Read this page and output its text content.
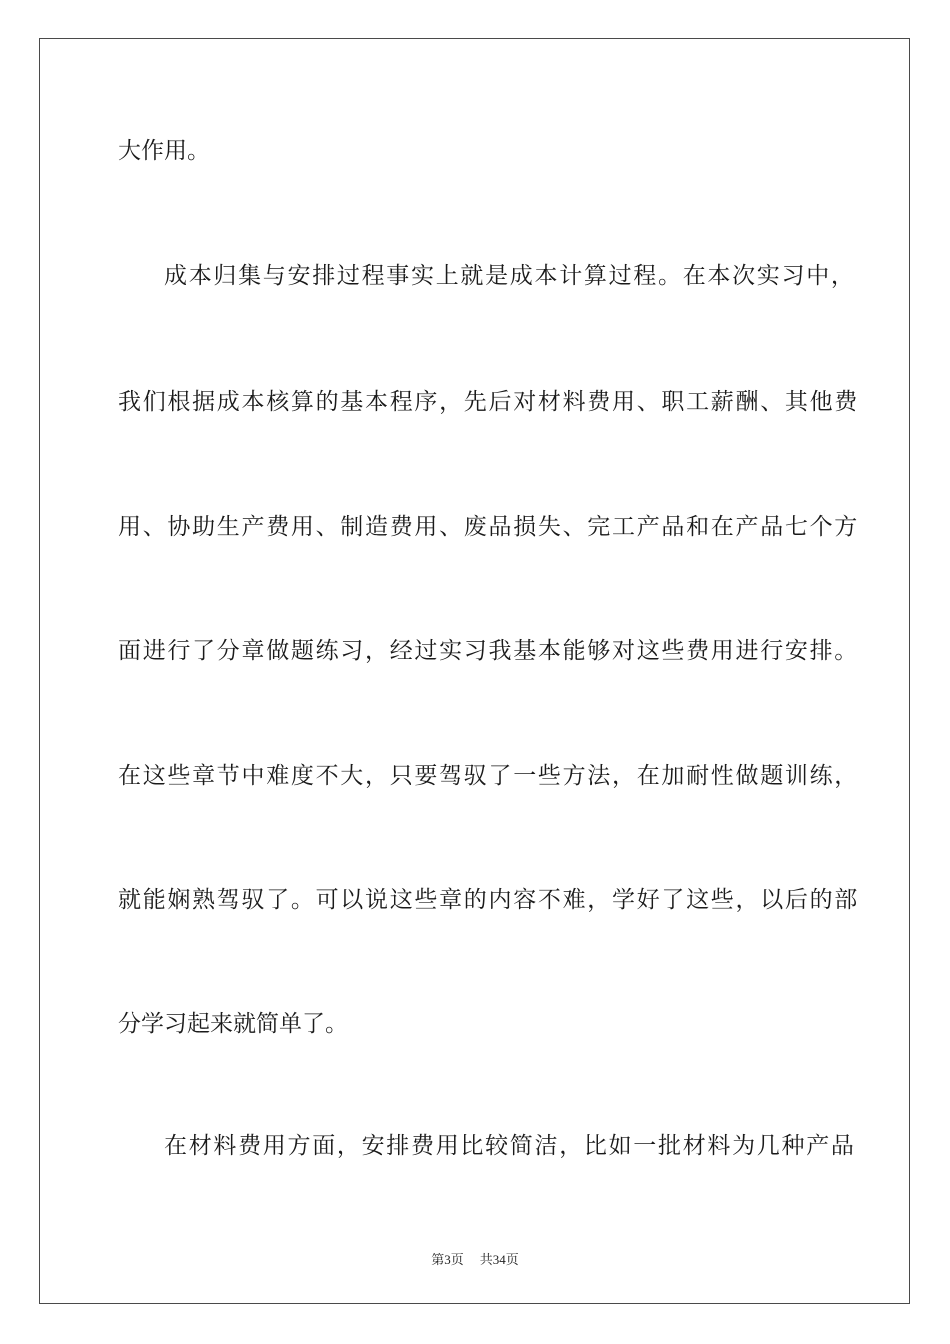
大作用。

成本归集与安排过程事实上就是成本计算过程。在本次实习中，

我们根据成本核算的基本程序，先后对材料费用、职工薪酬、其他费

用、协助生产费用、制造费用、废品损失、完工产品和在产品七个方

面进行了分章做题练习，经过实习我基本能够对这些费用进行安排。

在这些章节中难度不大，只要驾驭了一些方法，在加耐性做题训练，

就能娴熟驾驭了。可以说这些章的内容不难，学好了这些，以后的部

分学习起来就简单了。

在材料费用方面，安排费用比较简洁，比如一批材料为几种产品

第3页 共34页
